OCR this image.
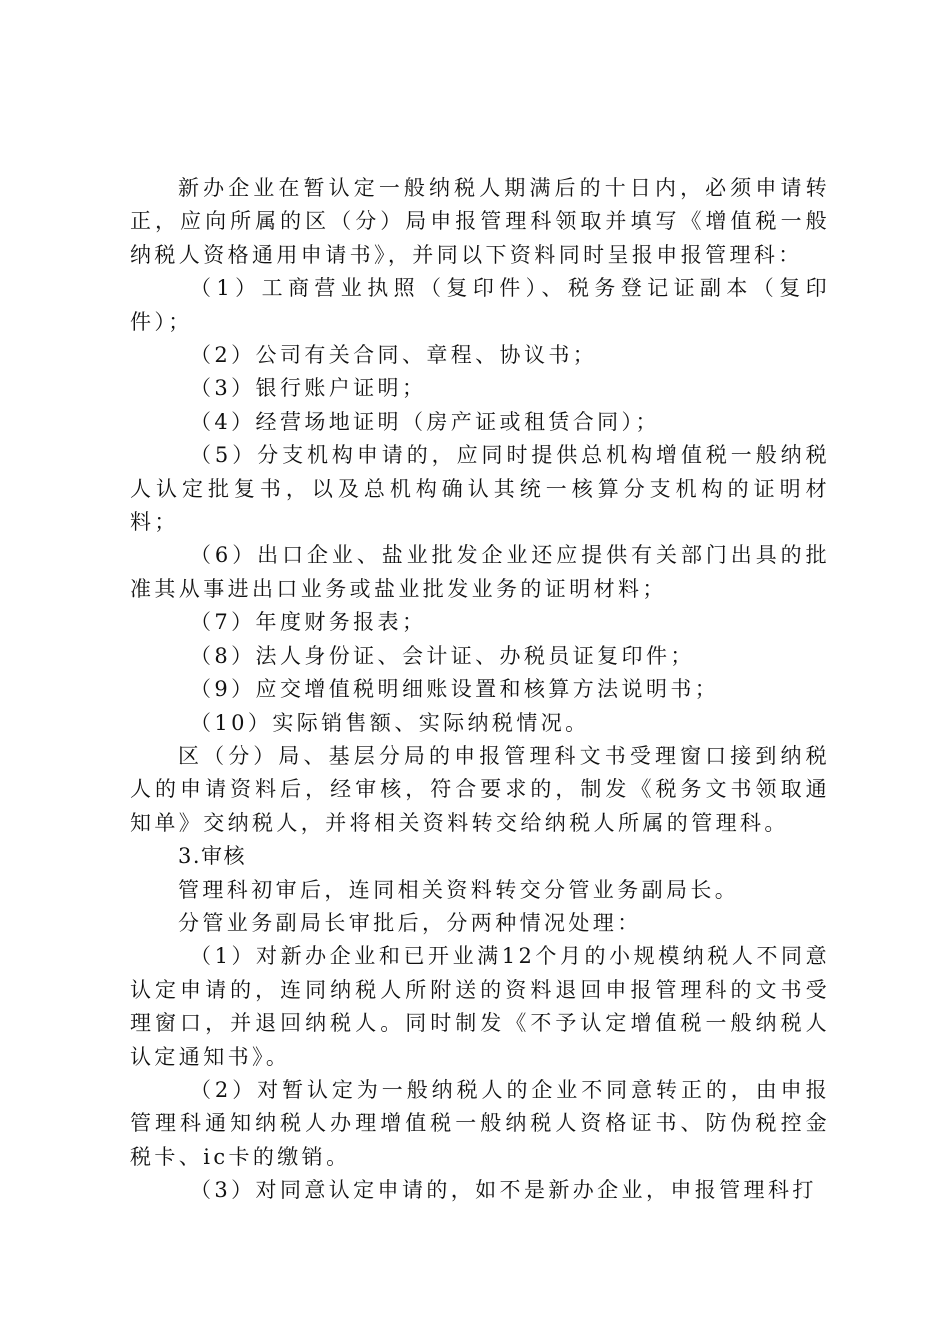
新办企业在暂认定一般纳税人期满后的十日内，必须申请转正，应向所属的区（分）局申报管理科领取并填写《增值税一般纳税人资格通用申请书》，并同以下资料同时呈报申报管理科：

（1）工商营业执照（复印件）、税务登记证副本（复印件）；

（2）公司有关合同、章程、协议书；

（3）银行账户证明；

（4）经营场地证明（房产证或租赁合同）；

（5）分支机构申请的，应同时提供总机构增值税一般纳税人认定批复书，以及总机构确认其统一核算分支机构的证明材料；

（6）出口企业、盐业批发企业还应提供有关部门出具的批准其从事进出口业务或盐业批发业务的证明材料；

（7）年度财务报表；

（8）法人身份证、会计证、办税员证复印件；

（9）应交增值税明细账设置和核算方法说明书；

（10）实际销售额、实际纳税情况。

区（分）局、基层分局的申报管理科文书受理窗口接到纳税人的申请资料后，经审核，符合要求的，制发《税务文书领取通知单》交纳税人，并将相关资料转交给纳税人所属的管理科。

3.审核

管理科初审后，连同相关资料转交分管业务副局长。

分管业务副局长审批后，分两种情况处理：

（1）对新办企业和已开业满12个月的小规模纳税人不同意认定申请的，连同纳税人所附送的资料退回申报管理科的文书受理窗口，并退回纳税人。同时制发《不予认定增值税一般纳税人认定通知书》。

（2）对暂认定为一般纳税人的企业不同意转正的，由申报管理科通知纳税人办理增值税一般纳税人资格证书、防伪税控金税卡、ic卡的缴销。

（3）对同意认定申请的，如不是新办企业，申报管理科打
